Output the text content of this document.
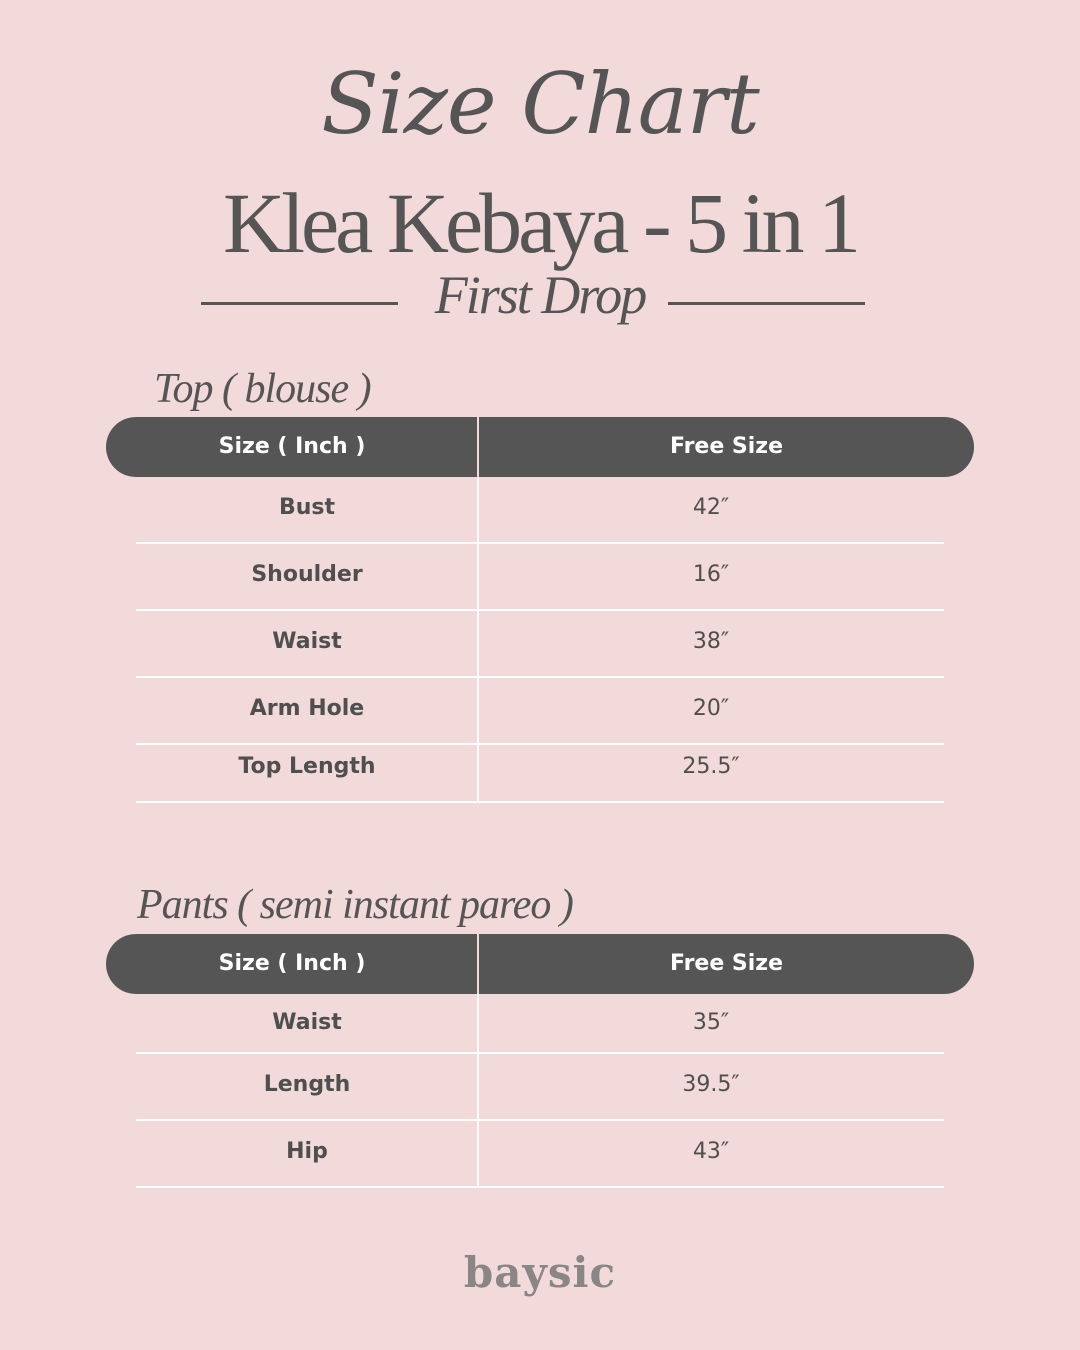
Size Chart
Klea Kebaya - 5 in 1
First Drop
Top ( blouse )
Size ( Inch )	Free Size
Bust	42″
Shoulder	16″
Waist	38″
Arm Hole	20″
Top Length	25.5″
Pants ( semi instant pareo )
Size ( Inch )	Free Size
Waist	35″
Length	39.5″
Hip	43″
baysic
